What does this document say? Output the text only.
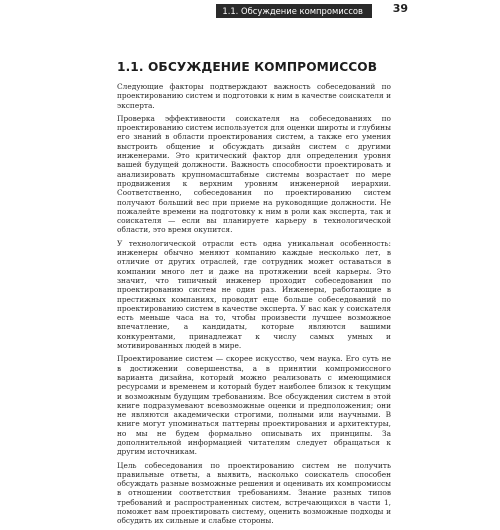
1.1. Обсуждение компромиссов	39
1.1. ОБСУЖДЕНИЕ КОМПРОМИССОВ

Следующие факторы подтверждают важность собеседований по проектированию систем и подготовки к ним в качестве соискателя и эксперта.

Проверка эффективности соискателя на собеседованиях по проектированию систем используется для оценки широты и глубины его знаний в области проектирования систем, а также его умения выстроить общение и обсуждать дизайн систем с другими инженерами. Это критический фактор для определения уровня вашей будущей должности. Важность способности проектировать и анализировать крупномасштабные системы возрастает по мере продвижения к верхним уровням инженерной иерархии. Соответственно, собеседования по проектированию систем получают больший вес при приеме на руководящие должности. Не пожалейте времени на подготовку к ним в роли как эксперта, так и соискателя — если вы планируете карьеру в технологической области, это время окупится.

У технологической отрасли есть одна уникальная особенность: инженеры обычно меняют компанию каждые несколько лет, в отличие от других отраслей, где сотрудник может оставаться в компании много лет и даже на протяжении всей карьеры. Это значит, что типичный инженер проходит собеседования по проектированию систем не один раз. Инженеры, работающие в престижных компаниях, проводят еще больше собеседований по проектированию систем в качестве эксперта. У вас как у соискателя есть меньше часа на то, чтобы произвести лучшее возможное впечатление, а кандидаты, которые являются вашими конкурентами, принадлежат к числу самых умных и мотивированных людей в мире.

Проектирование систем — скорее искусство, чем наука. Его суть не в достижении совершенства, а в принятии компромиссного варианта дизайна, который можно реализовать с имеющимися ресурсами и временем и который будет наиболее близок к текущим и возможным будущим требованиям. Все обсуждения систем в этой книге подразумевают всевозможные оценки и предположения; они не являются академически строгими, полными или научными. В книге могут упоминаться паттерны проектирования и архитектуры, но мы не будем формально описывать их принципы. За дополнительной информацией читателям следует обращаться к другим источникам.

Цель собеседования по проектированию систем не получить правильные ответы, а выявить, насколько соискатель способен обсуждать разные возможные решения и оценивать их компромиссы в отношении соответствия требованиям. Знание разных типов требований и распространенных систем, встречающихся в части 1, поможет вам проектировать систему, оценить возможные подходы и обсудить их сильные и слабые стороны.
